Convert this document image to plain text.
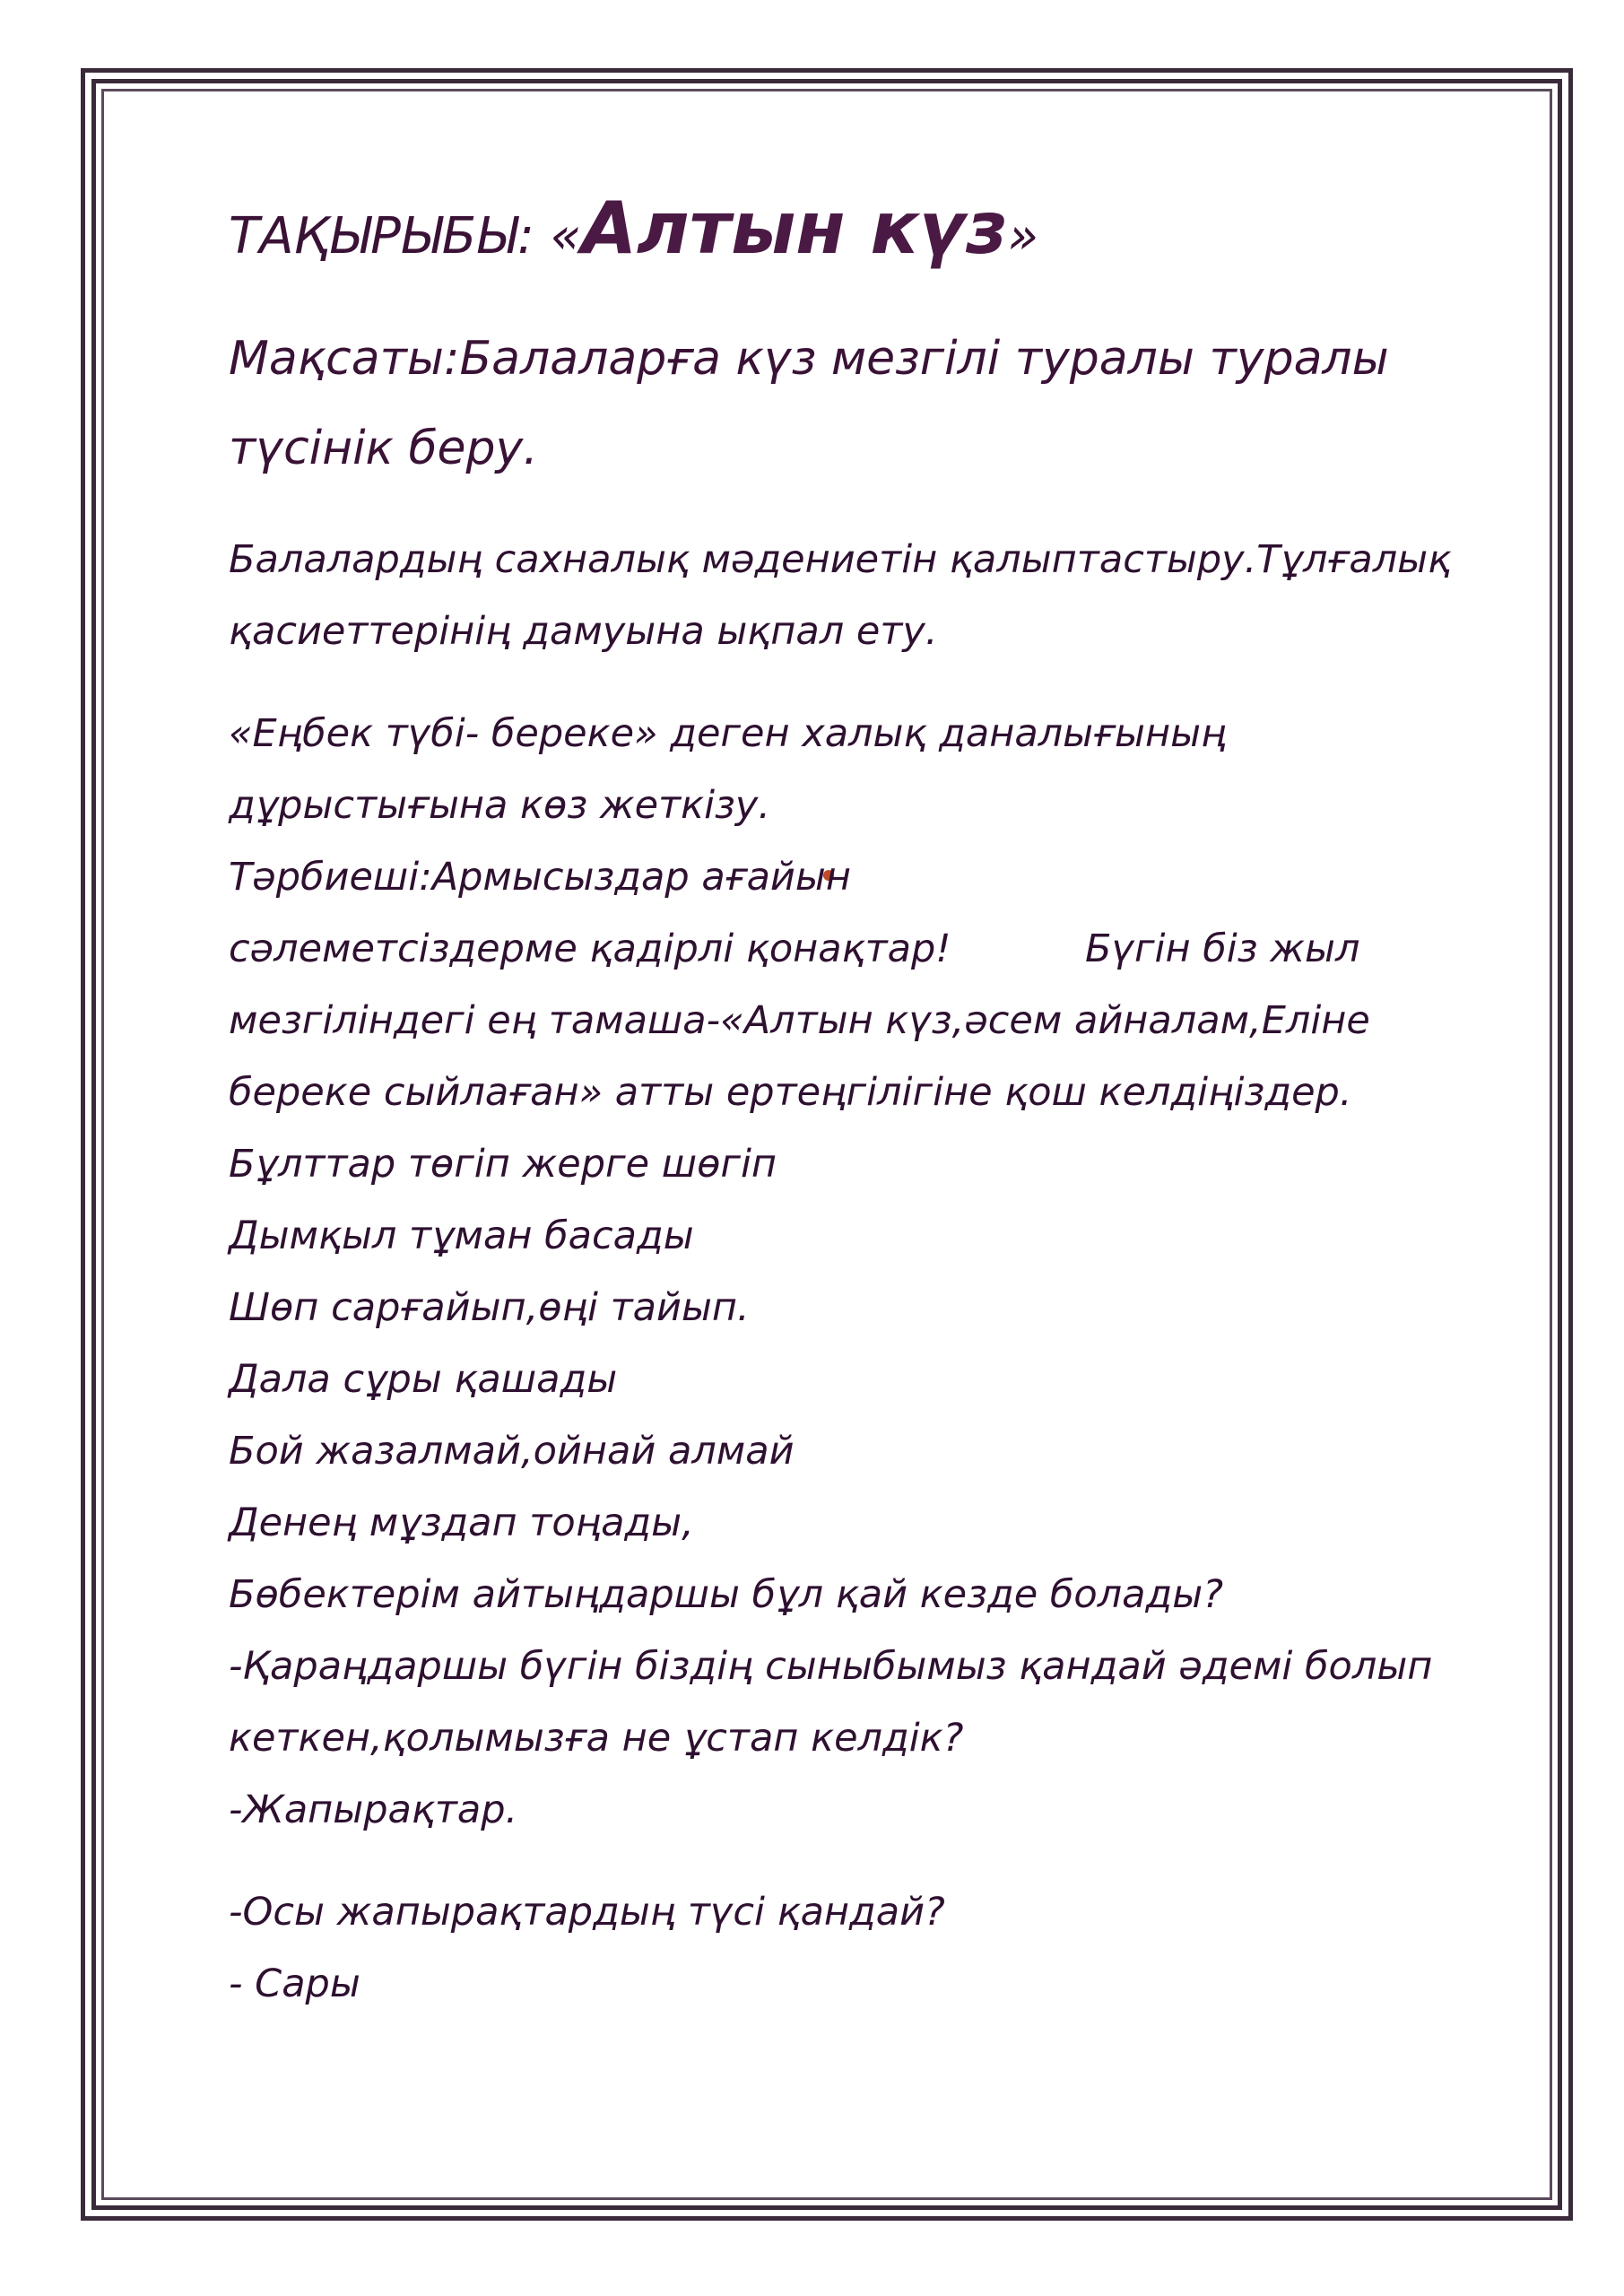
ТАҚЫРЫБЫ: «Алтын күз»
Мақсаты:Балаларға күз мезгілі туралы туралы түсінік беру.

Балалардың сахналық мәдениетін қалыптастыру.Тұлғалық қасиеттерінің дамуына ықпал ету.

«Еңбек түбі- береке» деген халық даналығының дұрыстығына көз жеткізу.

Тәрбиеші:Армысыздар ағайын сәлеметсіздерме қадірлі қонақтар!	Бүгін біз жыл
мезгіліндегі ең тамаша-«Алтын күз,әсем айналам,Еліне береке сыйлаған» атты ертеңгілігіне қош келдіңіздер.
Бұлттар төгіп жерге шөгіп
Дымқыл тұман басады
Шөп сарғайып,өңі тайып.
Дала сұры қашады
Бой жазалмай,ойнай алмай
Денең мұздап тоңады,
Бөбектерім айтыңдаршы бұл қай кезде болады?
-Қараңдаршы бүгін біздің сыныбымыз қандай әдемі болып кеткен,қолымызға не ұстап келдік?
-Жапырақтар.
-Осы жапырақтардың түсі қандай?
- Сары
